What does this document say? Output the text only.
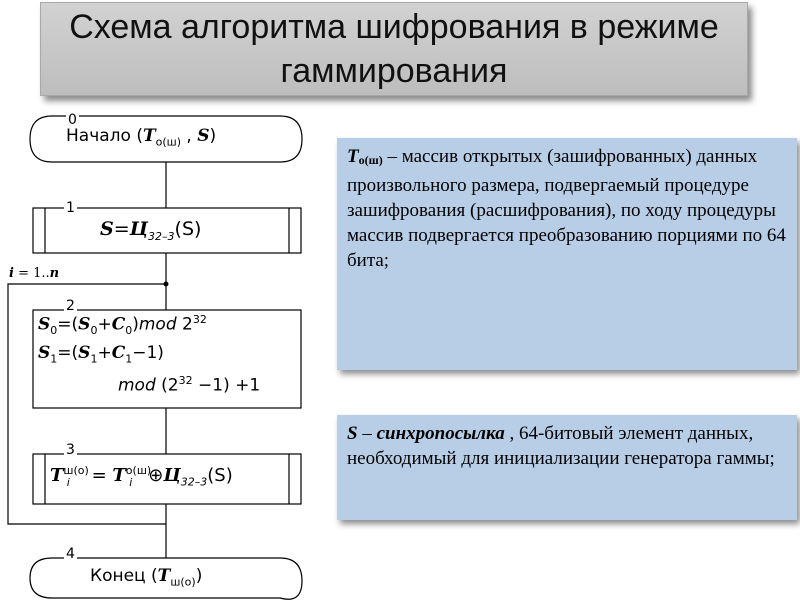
Схема алгоритма шифрования в режиме гаммирования
0
1
2
3
4
Начало ($T_{о(ш)}$ , S)
$S=Ц_{32-3}(S)$
i = 1..n
$S_0=(S_0+C_0)mod$ $2^{32}$
$S_1=(S_1+C_1-1)$
mod $(2^{32} -1) +1$
$T^{ш(о)}_i = T^{о(ш)}_i$ $\oplus Ц_{32-3}(S)$
Конец $(T_{ш(о)})$
Tо(ш) – массив открытых (зашифрованных) данных произвольного размера, подвергаемый процедуре зашифрования (расшифрования), по ходу процедуры массив подвергается преобразованию порциями по 64 бита;
S – синхропосылка , 64-битовый элемент данных, необходимый для инициализации генератора гаммы;
